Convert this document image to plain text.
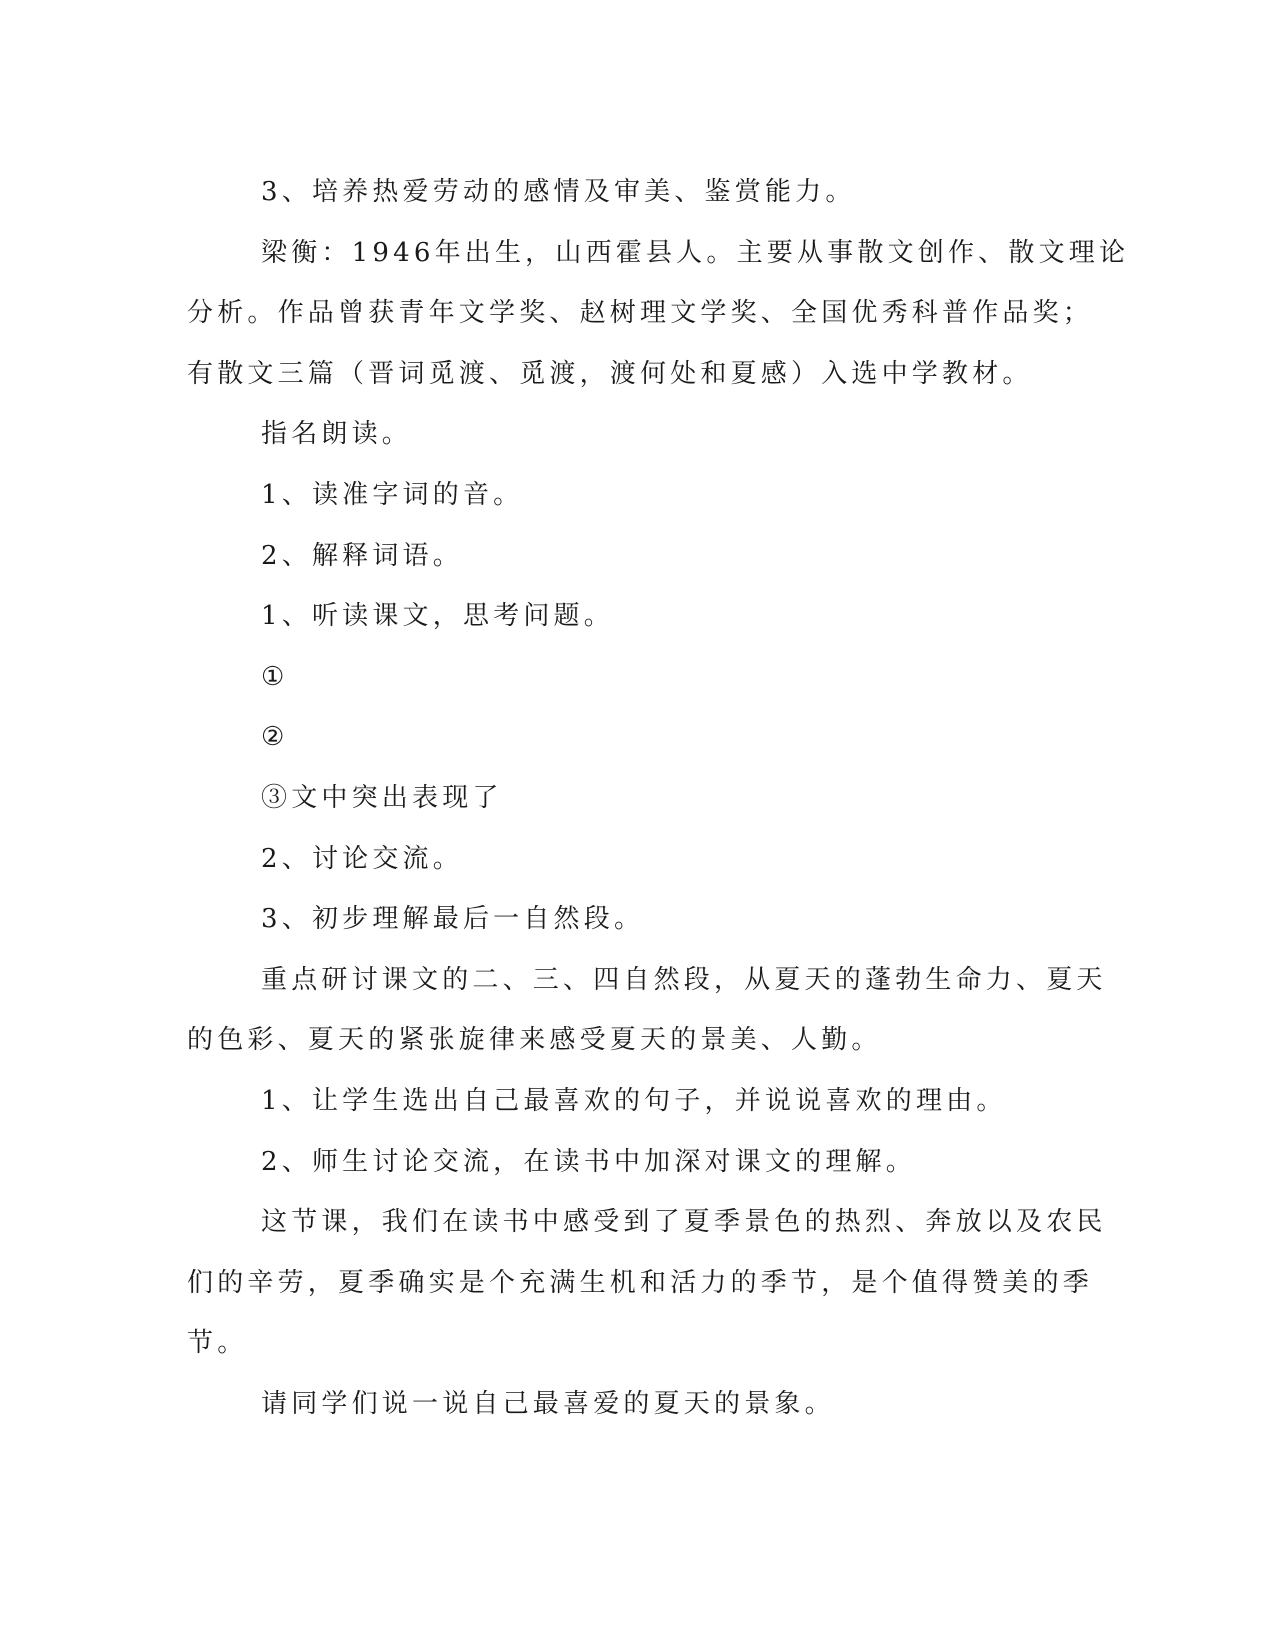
3、培养热爱劳动的感情及审美、鉴赏能力。

梁衡：1946年出生，山西霍县人。主要从事散文创作、散文理论

分析。作品曾获青年文学奖、赵树理文学奖、全国优秀科普作品奖；

有散文三篇（晋词觅渡、觅渡，渡何处和夏感）入选中学教材。

指名朗读。

1、读准字词的音。

2、解释词语。

1、听读课文，思考问题。

①

②

③文中突出表现了

2、讨论交流。

3、初步理解最后一自然段。

重点研讨课文的二、三、四自然段，从夏天的蓬勃生命力、夏天

的色彩、夏天的紧张旋律来感受夏天的景美、人勤。

1、让学生选出自己最喜欢的句子，并说说喜欢的理由。

2、师生讨论交流，在读书中加深对课文的理解。

这节课，我们在读书中感受到了夏季景色的热烈、奔放以及农民

们的辛劳，夏季确实是个充满生机和活力的季节，是个值得赞美的季

节。

请同学们说一说自己最喜爱的夏天的景象。
